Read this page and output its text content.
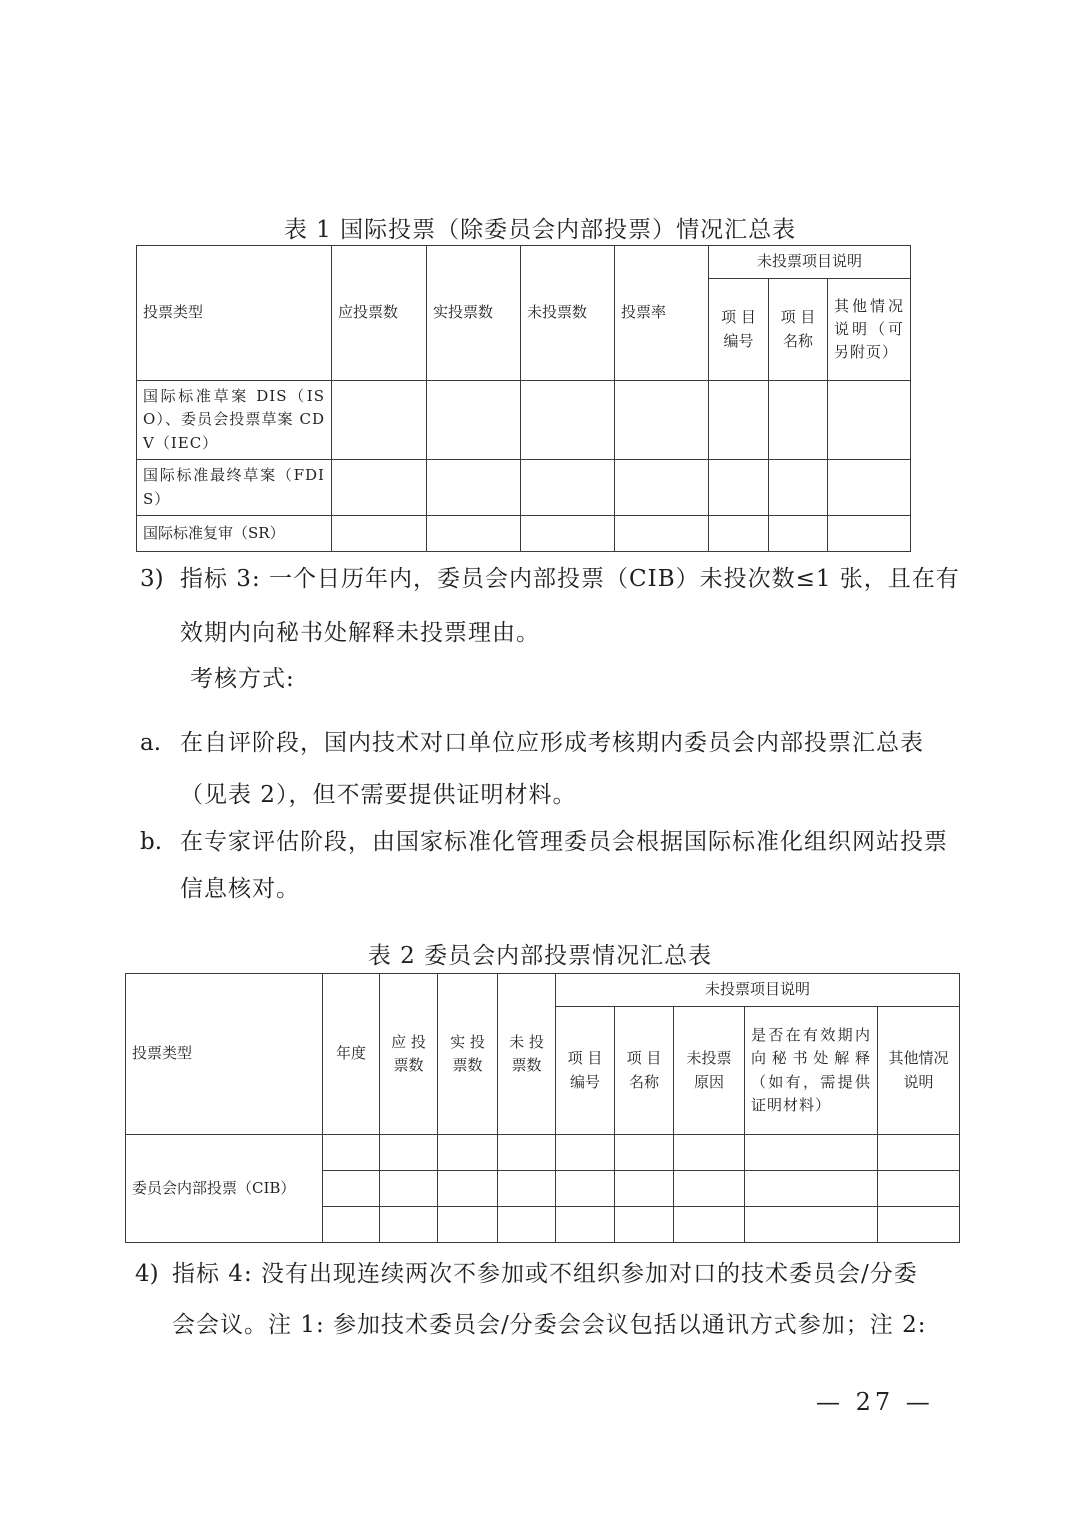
表 1 国际投票（除委员会内部投票）情况汇总表
投票类型	应投票数	实投票数	未投票数	投票率	未投票项目说明		
					项 目 编号	项 目 名称	其他情况说明（可另附页）
国际标准草案 DIS（ISO）、委员会投票草案 CDV（IEC）							
国际标准最终草案（FDIS）							
国际标准复审（SR）							
3) 指标 3: 一个日历年内，委员会内部投票（CIB）未投次数≤1 张，且在有
效期内向秘书处解释未投票理由。
考核方式:
a. 在自评阶段，国内技术对口单位应形成考核期内委员会内部投票汇总表
（见表 2），但不需要提供证明材料。
b. 在专家评估阶段，由国家标准化管理委员会根据国际标准化组织网站投票
信息核对。
表 2 委员会内部投票情况汇总表
投票类型	年度	应 投 票数	实 投 票数	未 投 票数	未投票项目说明				
					项 目 编号	项 目 名称	未投票原因	是否在有效期内向秘书处解释（如有，需提供证明材料）	其他情况说明
委员会内部投票（CIB）									

4) 指标 4: 没有出现连续两次不参加或不组织参加对口的技术委员会/分委
会会议。注 1: 参加技术委员会/分委会会议包括以通讯方式参加；注 2:
— 27 —
